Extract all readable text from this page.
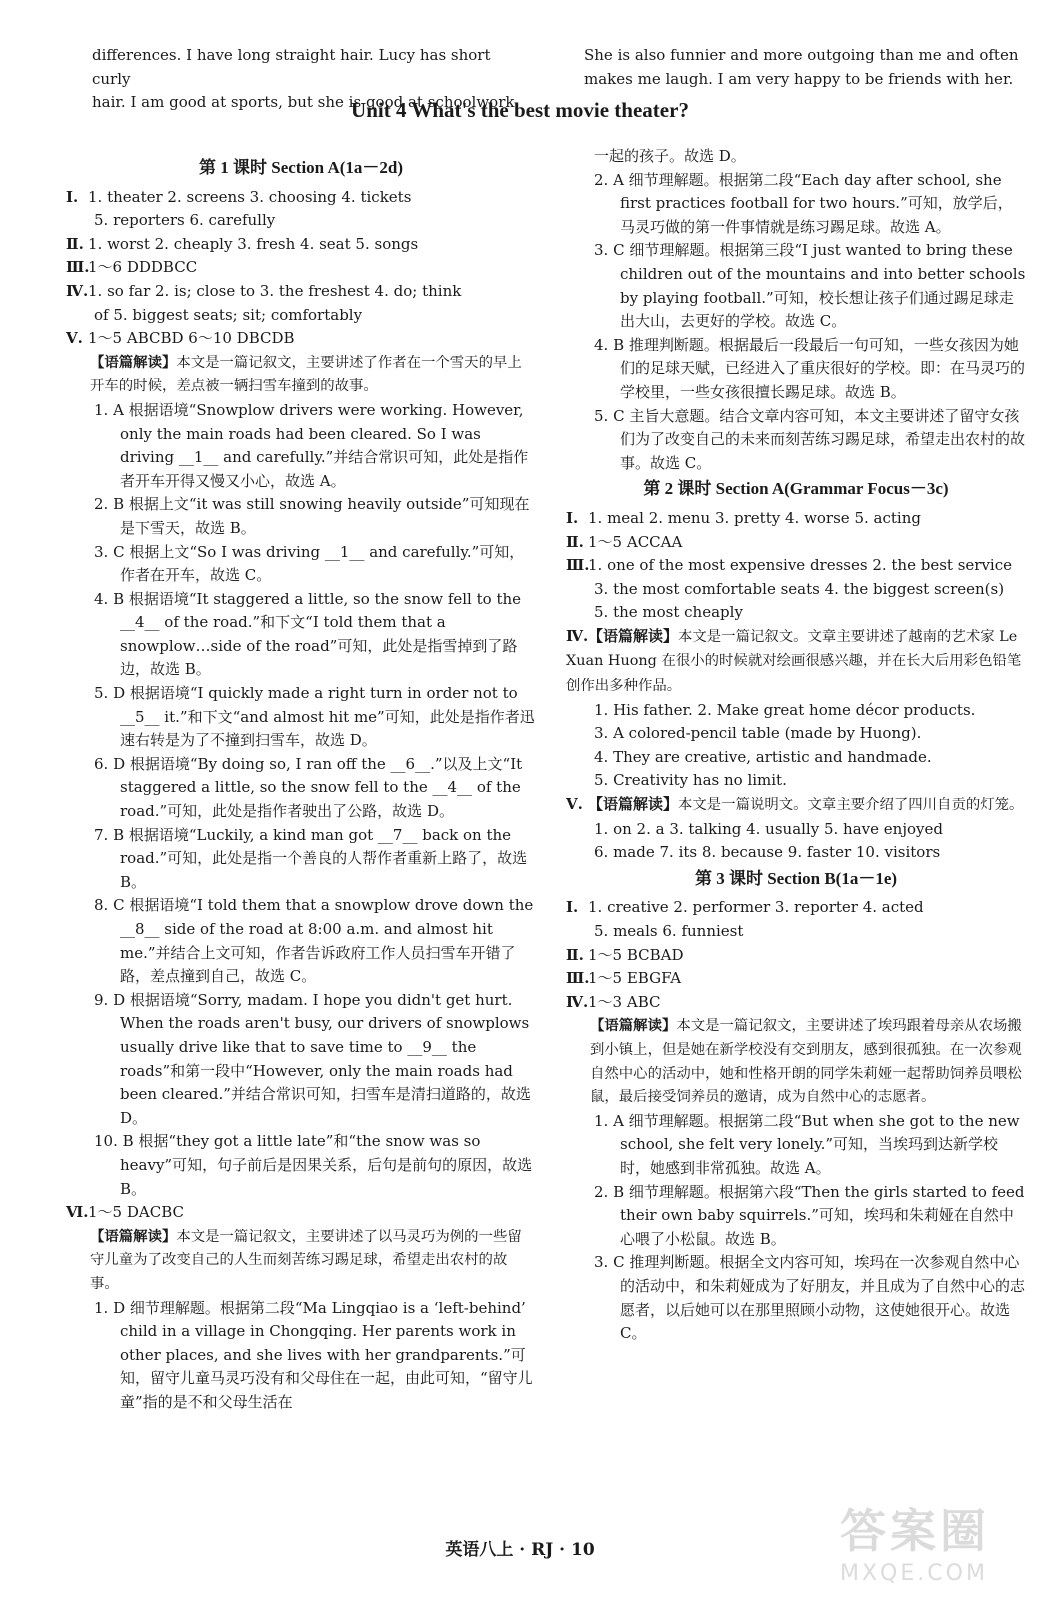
differences. I have long straight hair. Lucy has short curly

hair. I am good at sports, but she is good at schoolwork.

She is also funnier and more outgoing than me and often

makes me laugh. I am very happy to be friends with her.

Unit 4 What's the best movie theater?

第 1 课时 Section A(1a－2d)

Ⅰ. 1. theater 2. screens 3. choosing 4. tickets

5. reporters 6. carefully

Ⅱ. 1. worst 2. cheaply 3. fresh 4. seat 5. songs

Ⅲ.1～6 DDDBCC

Ⅳ.1. so far 2. is; close to 3. the freshest 4. do; think

of 5. biggest seats; sit; comfortably

Ⅴ. 1～5 ABCBD 6～10 DBCDB

【语篇解读】本文是一篇记叙文，主要讲述了作者在一个雪天的早上开车的时候，差点被一辆扫雪车撞到的故事。

1. A 根据语境“Snowplow drivers were working. However, only the main roads had been cleared. So I was driving __1__ and carefully.”并结合常识可知，此处是指作者开车开得又慢又小心，故选 A。

2. B 根据上文“it was still snowing heavily outside”可知现在是下雪天，故选 B。

3. C 根据上文“So I was driving __1__ and carefully.”可知，作者在开车，故选 C。

4. B 根据语境“It staggered a little, so the snow fell to the __4__ of the road.”和下文“I told them that a snowplow…side of the road”可知，此处是指雪掉到了路边，故选 B。

5. D 根据语境“I quickly made a right turn in order not to __5__ it.”和下文“and almost hit me”可知，此处是指作者迅速右转是为了不撞到扫雪车，故选 D。

6. D 根据语境“By doing so, I ran off the __6__.”以及上文“It staggered a little, so the snow fell to the __4__ of the road.”可知，此处是指作者驶出了公路，故选 D。

7. B 根据语境“Luckily, a kind man got __7__ back on the road.”可知，此处是指一个善良的人帮作者重新上路了，故选 B。

8. C 根据语境“I told them that a snowplow drove down the __8__ side of the road at 8:00 a.m. and almost hit me.”并结合上文可知，作者告诉政府工作人员扫雪车开错了路，差点撞到自己，故选 C。

9. D 根据语境“Sorry, madam. I hope you didn't get hurt. When the roads aren't busy, our drivers of snowplows usually drive like that to save time to __9__ the roads”和第一段中“However, only the main roads had been cleared.”并结合常识可知，扫雪车是清扫道路的，故选 D。

10. B 根据“they got a little late”和“the snow was so heavy”可知，句子前后是因果关系，后句是前句的原因，故选 B。

Ⅵ.1～5 DACBC

【语篇解读】本文是一篇记叙文，主要讲述了以马灵巧为例的一些留守儿童为了改变自己的人生而刻苦练习踢足球，希望走出农村的故事。

1. D 细节理解题。根据第二段“Ma Lingqiao is a ‘left-behind’ child in a village in Chongqing. Her parents work in other places, and she lives with her grandparents.”可知，留守儿童马灵巧没有和父母住在一起，由此可知，“留守儿童”指的是不和父母生活在

一起的孩子。故选 D。

2. A 细节理解题。根据第二段“Each day after school, she first practices football for two hours.”可知，放学后，马灵巧做的第一件事情就是练习踢足球。故选 A。

3. C 细节理解题。根据第三段“I just wanted to bring these children out of the mountains and into better schools by playing football.”可知，校长想让孩子们通过踢足球走出大山，去更好的学校。故选 C。

4. B 推理判断题。根据最后一段最后一句可知，一些女孩因为她们的足球天赋，已经进入了重庆很好的学校。即：在马灵巧的学校里，一些女孩很擅长踢足球。故选 B。

5. C 主旨大意题。结合文章内容可知，本文主要讲述了留守女孩们为了改变自己的未来而刻苦练习踢足球，希望走出农村的故事。故选 C。

第 2 课时 Section A(Grammar Focus－3c)

Ⅰ. 1. meal 2. menu 3. pretty 4. worse 5. acting

Ⅱ. 1～5 ACCAA

Ⅲ.1. one of the most expensive dresses 2. the best service

3. the most comfortable seats 4. the biggest screen(s)

5. the most cheaply

Ⅳ.【语篇解读】本文是一篇记叙文。文章主要讲述了越南的艺术家 Le Xuan Huong 在很小的时候就对绘画很感兴趣，并在长大后用彩色铅笔创作出多种作品。

1. His father. 2. Make great home décor products.

3. A colored-pencil table (made by Huong).

4. They are creative, artistic and handmade.

5. Creativity has no limit.

Ⅴ. 【语篇解读】本文是一篇说明文。文章主要介绍了四川自贡的灯笼。

1. on 2. a 3. talking 4. usually 5. have enjoyed

6. made 7. its 8. because 9. faster 10. visitors

第 3 课时 Section B(1a－1e)

Ⅰ. 1. creative 2. performer 3. reporter 4. acted

5. meals 6. funniest

Ⅱ. 1～5 BCBAD

Ⅲ.1～5 EBGFA

Ⅳ.1～3 ABC

【语篇解读】本文是一篇记叙文，主要讲述了埃玛跟着母亲从农场搬到小镇上，但是她在新学校没有交到朋友，感到很孤独。在一次参观自然中心的活动中，她和性格开朗的同学朱莉娅一起帮助饲养员喂松鼠，最后接受饲养员的邀请，成为自然中心的志愿者。

1. A 细节理解题。根据第二段“But when she got to the new school, she felt very lonely.”可知，当埃玛到达新学校时，她感到非常孤独。故选 A。

2. B 细节理解题。根据第六段“Then the girls started to feed their own baby squirrels.”可知，埃玛和朱莉娅在自然中心喂了小松鼠。故选 B。

3. C 推理判断题。根据全文内容可知，埃玛在一次参观自然中心的活动中，和朱莉娅成为了好朋友，并且成为了自然中心的志愿者，以后她可以在那里照顾小动物，这使她很开心。故选 C。

英语八上 · RJ · 10	答案圈
MXQE.COM
